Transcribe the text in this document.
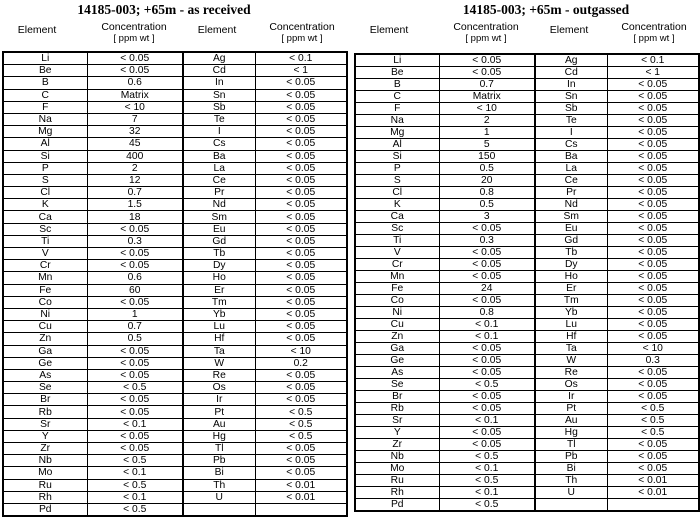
14185-003; +65m - as received
Element	Concentration
[ ppm wt ]
Element	Concentration
[ ppm wt ]
Li	< 0.05	Ag	< 0.1
Be	< 0.05	Cd	< 1
B	0.6	In	< 0.05
C	Matrix	Sn	< 0.05
F	< 10	Sb	< 0.05
Na	7	Te	< 0.05
Mg	32	I	< 0.05
Al	45	Cs	< 0.05
Si	400	Ba	< 0.05
P	2	La	< 0.05
S	12	Ce	< 0.05
Cl	0.7	Pr	< 0.05
K	1.5	Nd	< 0.05
Ca	18	Sm	< 0.05
Sc	< 0.05	Eu	< 0.05
Ti	0.3	Gd	< 0.05
V	< 0.05	Tb	< 0.05
Cr	< 0.05	Dy	< 0.05
Mn	0.6	Ho	< 0.05
Fe	60	Er	< 0.05
Co	< 0.05	Tm	< 0.05
Ni	1	Yb	< 0.05
Cu	0.7	Lu	< 0.05
Zn	0.5	Hf	< 0.05
Ga	< 0.05	Ta	< 10
Ge	< 0.05	W	0.2
As	< 0.05	Re	< 0.05
Se	< 0.5	Os	< 0.05
Br	< 0.05	Ir	< 0.05
Rb	< 0.05	Pt	< 0.5
Sr	< 0.1	Au	< 0.5
Y	< 0.05	Hg	< 0.5
Zr	< 0.05	Tl	< 0.05
Nb	< 0.5	Pb	< 0.05
Mo	< 0.1	Bi	< 0.05
Ru	< 0.5	Th	< 0.01
Rh	< 0.1	U	< 0.01
Pd	< 0.5		
14185-003; +65m - outgassed
Element	Concentration
[ ppm wt ]
Element	Concentration
[ ppm wt ]
Li	< 0.05	Ag	< 0.1
Be	< 0.05	Cd	< 1
B	0.7	In	< 0.05
C	Matrix	Sn	< 0.05
F	< 10	Sb	< 0.05
Na	2	Te	< 0.05
Mg	1	I	< 0.05
Al	5	Cs	< 0.05
Si	150	Ba	< 0.05
P	0.5	La	< 0.05
S	20	Ce	< 0.05
Cl	0.8	Pr	< 0.05
K	0.5	Nd	< 0.05
Ca	3	Sm	< 0.05
Sc	< 0.05	Eu	< 0.05
Ti	0.3	Gd	< 0.05
V	< 0.05	Tb	< 0.05
Cr	< 0.05	Dy	< 0.05
Mn	< 0.05	Ho	< 0.05
Fe	24	Er	< 0.05
Co	< 0.05	Tm	< 0.05
Ni	0.8	Yb	< 0.05
Cu	< 0.1	Lu	< 0.05
Zn	< 0.1	Hf	< 0.05
Ga	< 0.05	Ta	< 10
Ge	< 0.05	W	0.3
As	< 0.05	Re	< 0.05
Se	< 0.5	Os	< 0.05
Br	< 0.05	Ir	< 0.05
Rb	< 0.05	Pt	< 0.5
Sr	< 0.1	Au	< 0.5
Y	< 0.05	Hg	< 0.5
Zr	< 0.05	Tl	< 0.05
Nb	< 0.5	Pb	< 0.05
Mo	< 0.1	Bi	< 0.05
Ru	< 0.5	Th	< 0.01
Rh	< 0.1	U	< 0.01
Pd	< 0.5		
